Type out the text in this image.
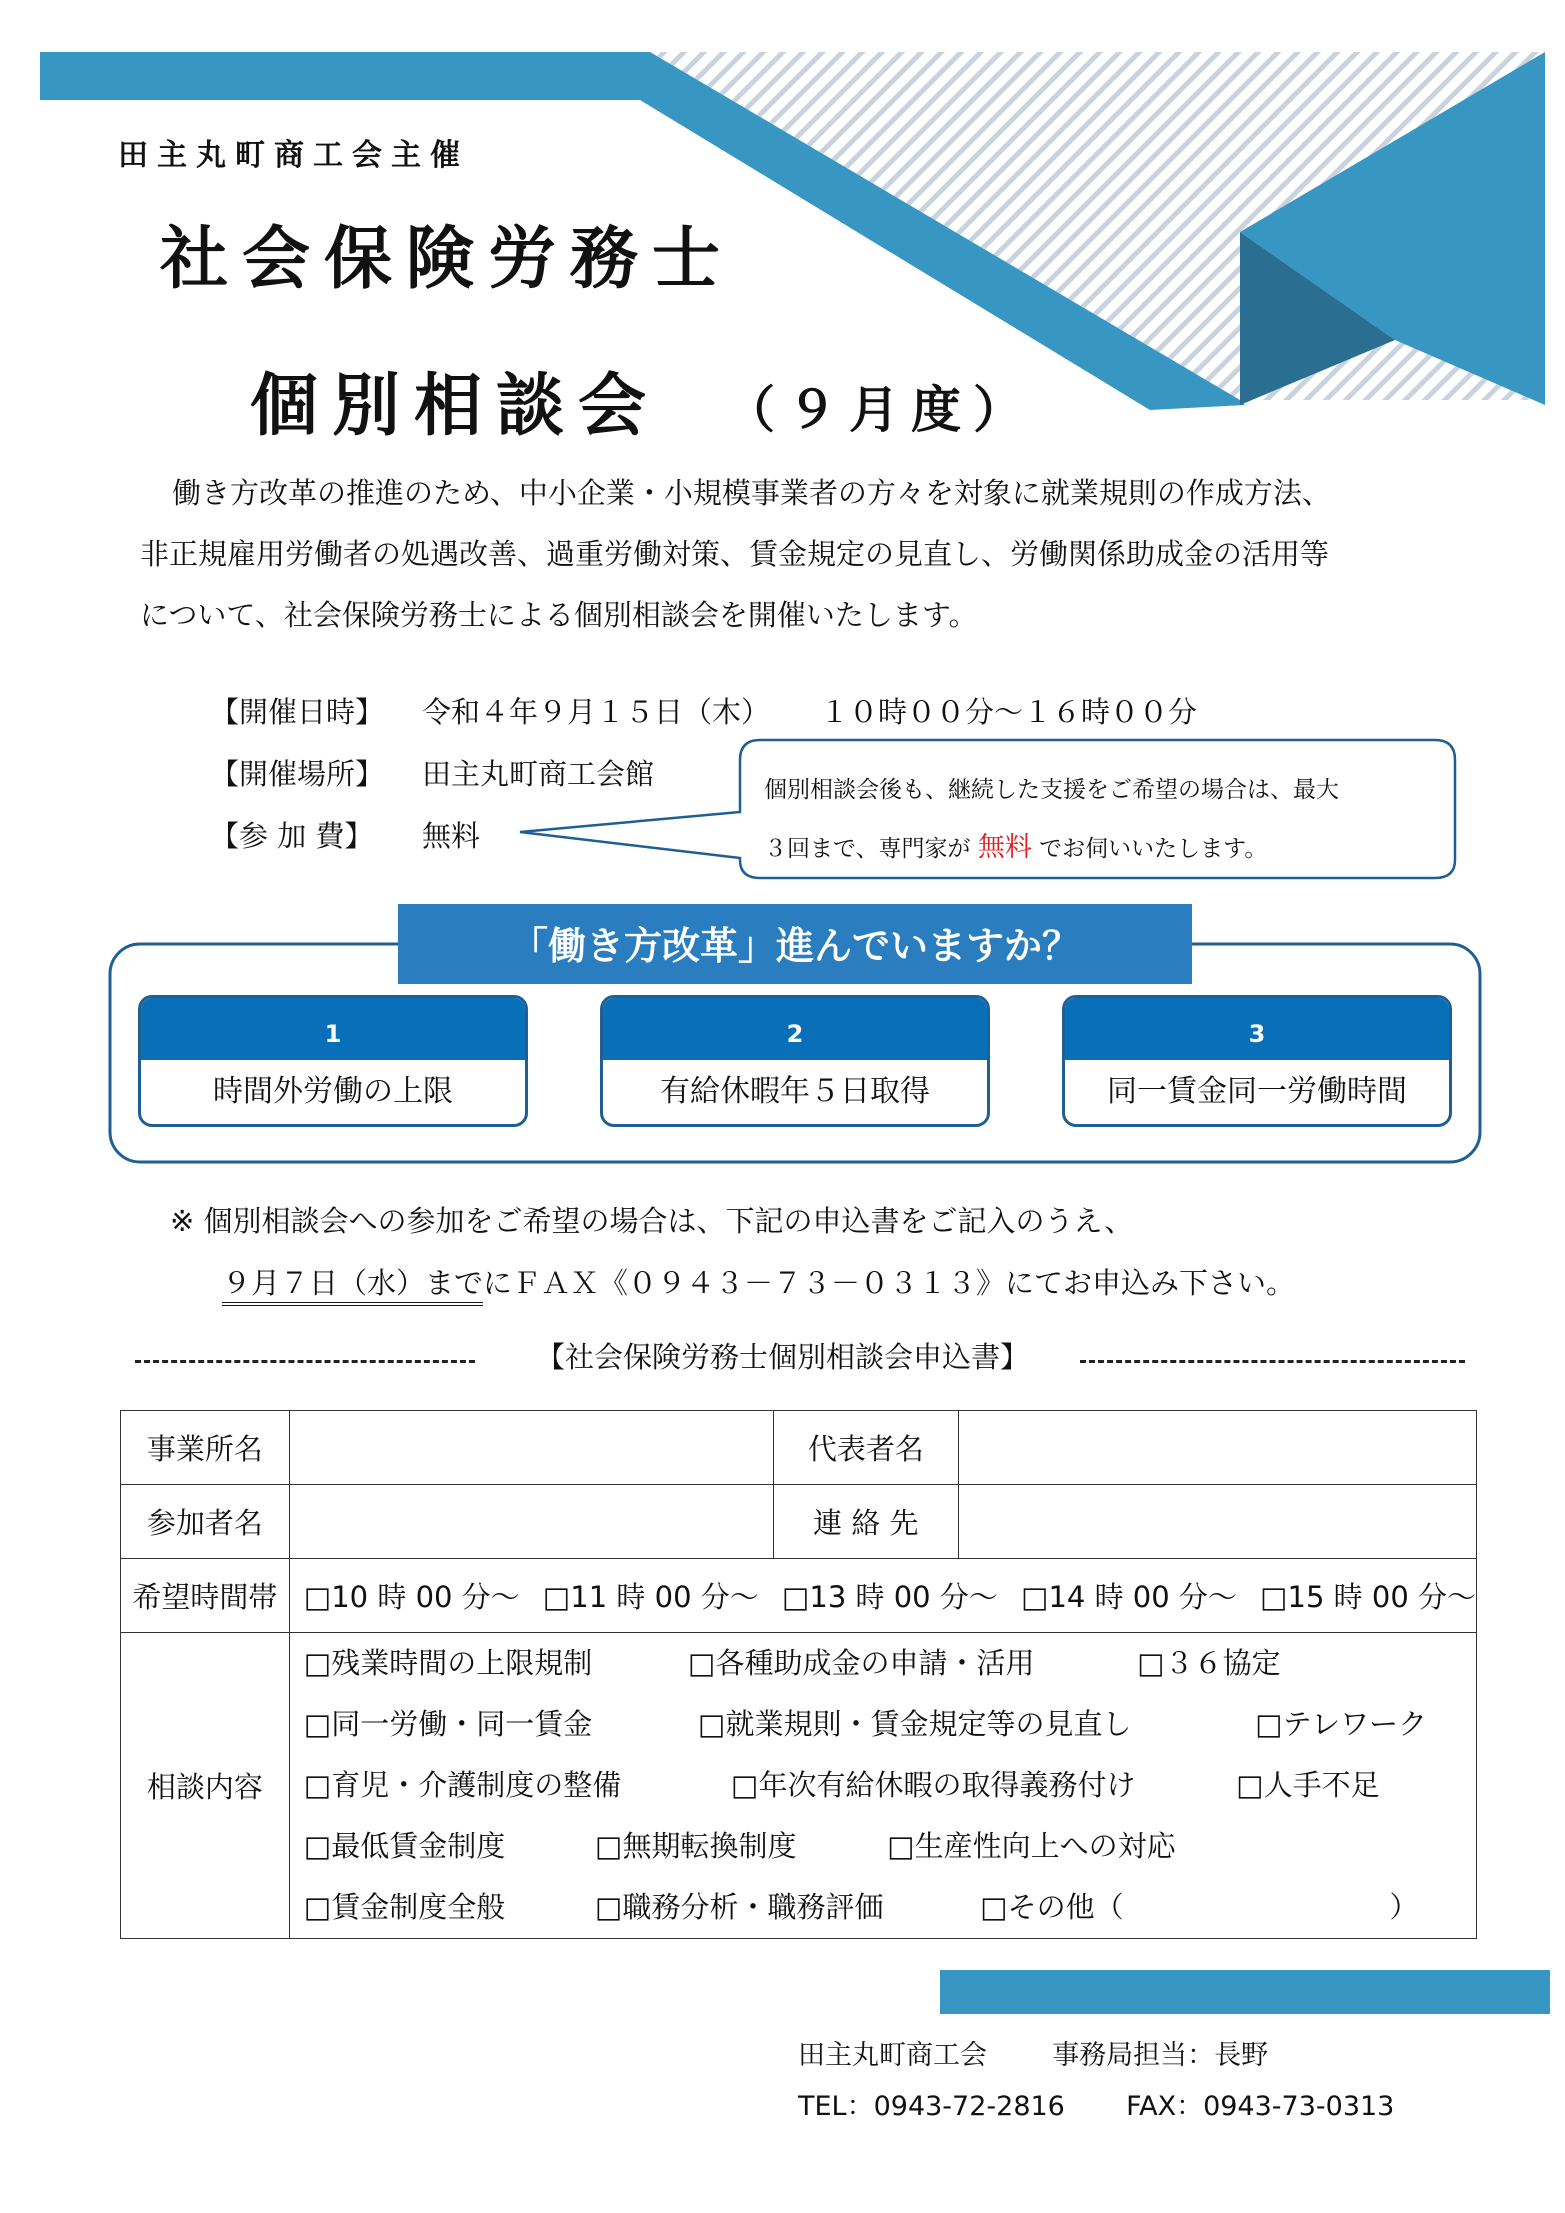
田主丸町商工会主催
社会保険労務士
個別相談会 （９月度）

働き方改革の推進のため、中小企業・小規模事業者の方々を対象に就業規則の作成方法、

非正規雇用労働者の処遇改善、過重労働対策、賃金規定の見直し、労働関係助成金の活用等

について、社会保険労務士による個別相談会を開催いたします。

【開催日時】	令和４年９月１５日（木） １０時００分～１６時００分
【開催場所】	田主丸町商工会館
【参 加 費】	無料
個別相談会後も、継続した支援をご希望の場合は、最大
３回まで、専門家が 無料 でお伺いいたします。
「働き方改革」進んでいますか？
1
時間外労働の上限
2
有給休暇年５日取得
3
同一賃金同一労働時間
※ 個別相談会への参加をご希望の場合は、下記の申込書をご記入のうえ、
９月７日（水）までにＦＡＸ《０９４３－７３－０３１３》にてお申込み下さい。
【社会保険労務士個別相談会申込書】
事業所名		代表者名	
参加者名		連 絡 先	
希望時間帯	□10 時 00 分～ □11 時 00 分～ □13 時 00 分～ □14 時 00 分～ □15 時 00 分～		
相談内容	□残業時間の上限規制 □各種助成金の申請・活用 □３６協定
□同一労働・同一賃金 □就業規則・賃金規定等の見直し □テレワーク
□育児・介護制度の整備 □年次有給休暇の取得義務付け □人手不足
□最低賃金制度 □無期転換制度 □生産性向上への対応
□賃金制度全般 □職務分析・職務評価 □その他（ ）		
田主丸町商工会 事務局担当：長野
TEL：0943-72-2816 FAX：0943-73-0313
